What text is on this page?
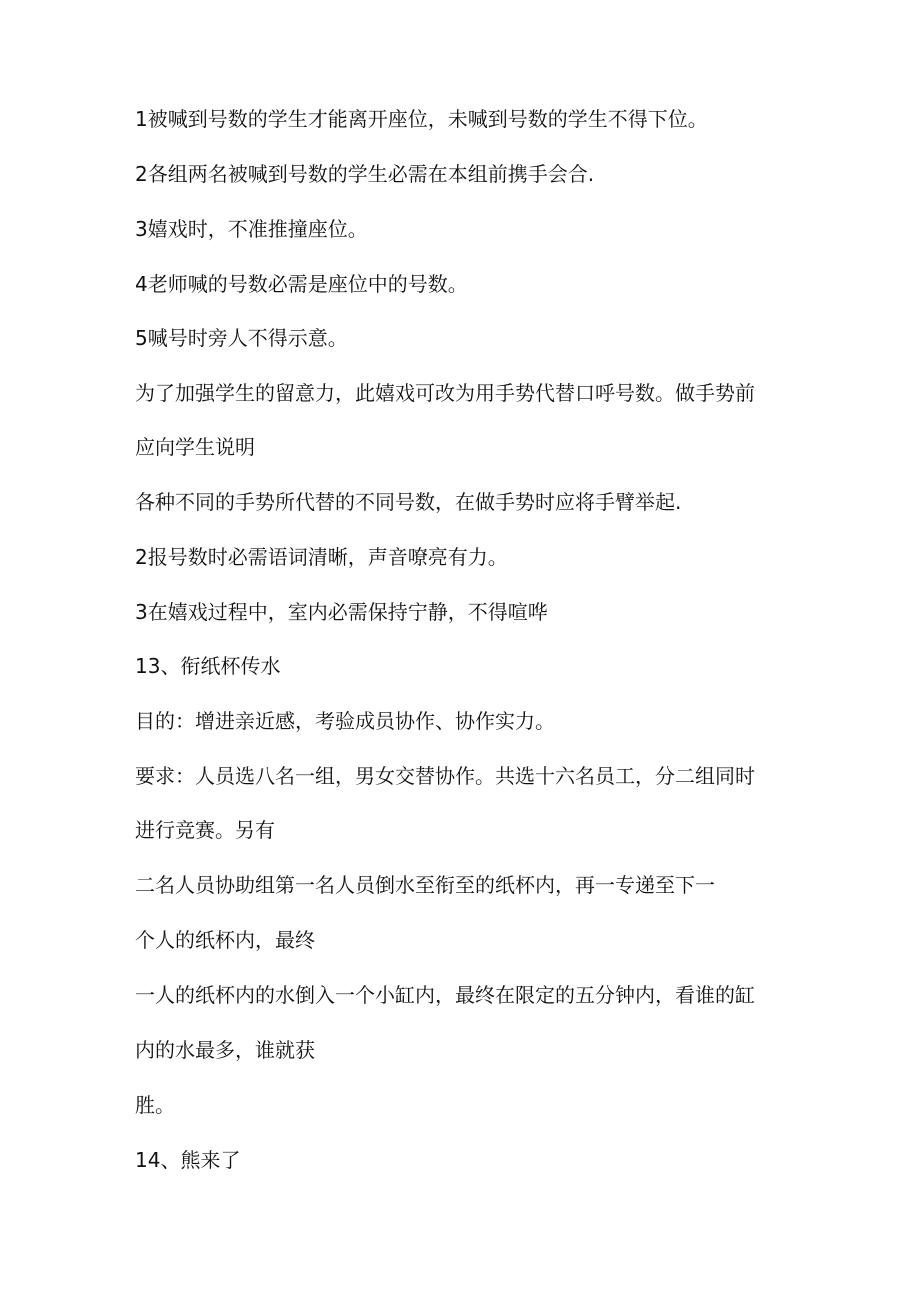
1被喊到号数的学生才能离开座位，未喊到号数的学生不得下位。
2各组两名被喊到号数的学生必需在本组前携手会合.
3嬉戏时，不准推撞座位。
4老师喊的号数必需是座位中的号数。
5喊号时旁人不得示意。
为了加强学生的留意力，此嬉戏可改为用手势代替口呼号数。做手势前
应向学生说明
各种不同的手势所代替的不同号数，在做手势时应将手臂举起.
2报号数时必需语词清晰，声音嘹亮有力。
3在嬉戏过程中，室内必需保持宁静，不得喧哗
13、衔纸杯传水
目的：增进亲近感，考验成员协作、协作实力。
要求：人员选八名一组，男女交替协作。共选十六名员工，分二组同时
进行竞赛。另有
二名人员协助组第一名人员倒水至衔至的纸杯内，再一专递至下一
个人的纸杯内，最终
一人的纸杯内的水倒入一个小缸内，最终在限定的五分钟内，看谁的缸
内的水最多，谁就获
胜。
14、熊来了
